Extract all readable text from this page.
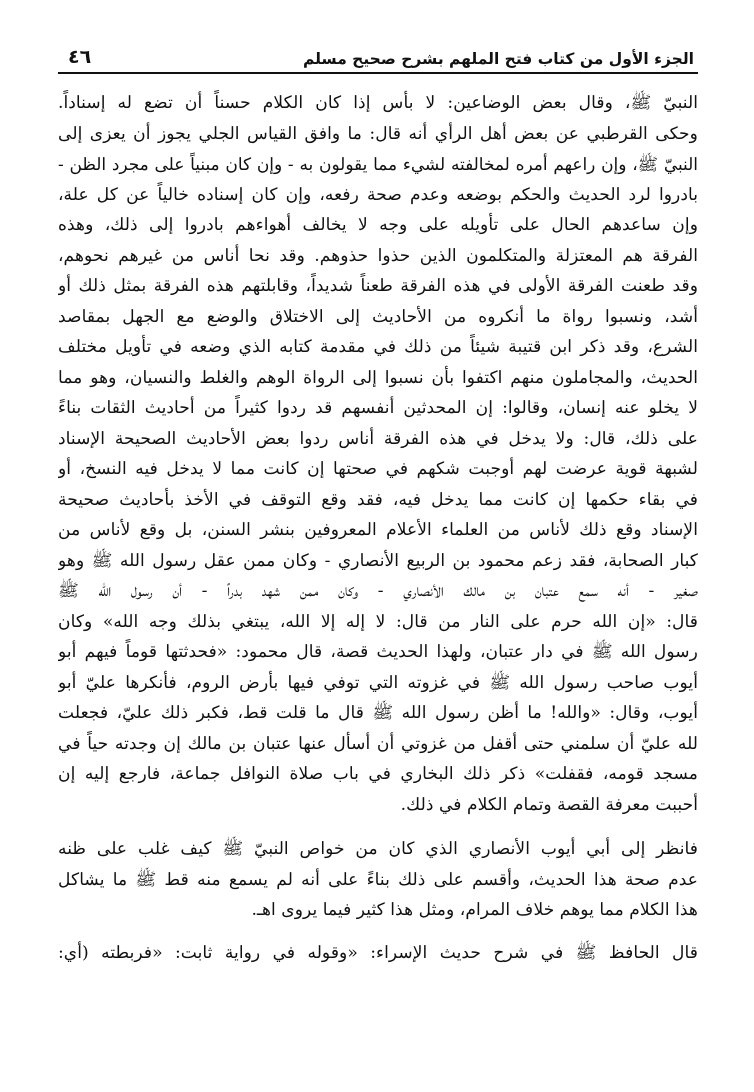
الجزء الأول من كتاب فتح الملهم بشرح صحيح مسلم
٤٦
النبيّ ﷺ، وقال بعض الوضاعين: لا بأس إذا كان الكلام حسناً أن تضع له إسناداً.
وحكى القرطبي عن بعض أهل الرأي أنه قال: ما وافق القياس الجلي يجوز أن يعزى إلى
النبيّ ﷺ، وإن راعهم أمره لمخالفته لشيء مما يقولون به - وإن كان مبنياً على مجرد الظن -
بادروا لرد الحديث والحكم بوضعه وعدم صحة رفعه، وإن كان إسناده خالياً عن كل علة،
وإن ساعدهم الحال على تأويله على وجه لا يخالف أهواءهم بادروا إلى ذلك، وهذه
الفرقة هم المعتزلة والمتكلمون الذين حذوا حذوهم. وقد نحا أناس من غيرهم نحوهم،
وقد طعنت الفرقة الأولى في هذه الفرقة طعناً شديداً، وقابلتهم هذه الفرقة بمثل ذلك أو
أشد، ونسبوا رواة ما أنكروه من الأحاديث إلى الاختلاق والوضع مع الجهل بمقاصد
الشرع، وقد ذكر ابن قتيبة شيئاً من ذلك في مقدمة كتابه الذي وضعه في تأويل مختلف
الحديث، والمجاملون منهم اكتفوا بأن نسبوا إلى الرواة الوهم والغلط والنسيان، وهو مما
لا يخلو عنه إنسان، وقالوا: إن المحدثين أنفسهم قد ردوا كثيراً من أحاديث الثقات بناءً
على ذلك، قال: ولا يدخل في هذه الفرقة أناس ردوا بعض الأحاديث الصحيحة الإسناد
لشبهة قوية عرضت لهم أوجبت شكهم في صحتها إن كانت مما لا يدخل فيه النسخ، أو
في بقاء حكمها إن كانت مما يدخل فيه، فقد وقع التوقف في الأخذ بأحاديث صحيحة
الإسناد وقع ذلك لأناس من العلماء الأعلام المعروفين بنشر السنن، بل وقع لأناس من
كبار الصحابة، فقد زعم محمود بن الربيع الأنصاري - وكان ممن عقل رسول الله ﷺ وهو
صغير - أنه سمع عتبان بن مالك الأنصاري - وكان ممن شهد بدراً - أن رسول الله ﷺ
قال: «إن الله حرم على النار من قال: لا إله إلا الله، يبتغي بذلك وجه الله» وكان
رسول الله ﷺ في دار عتبان، ولهذا الحديث قصة، قال محمود: «فحدثتها قوماً فيهم أبو
أيوب صاحب رسول الله ﷺ في غزوته التي توفي فيها بأرض الروم، فأنكرها عليّ أبو
أيوب، وقال: «والله! ما أظن رسول الله ﷺ قال ما قلت قط، فكبر ذلك عليّ، فجعلت
لله عليّ أن سلمني حتى أقفل من غزوتي أن أسأل عنها عتبان بن مالك إن وجدته حياً في
مسجد قومه، فقفلت» ذكر ذلك البخاري في باب صلاة النوافل جماعة، فارجع إليه إن
أحببت معرفة القصة وتمام الكلام في ذلك.
فانظر إلى أبي أيوب الأنصاري الذي كان من خواص النبيّ ﷺ كيف غلب على ظنه
عدم صحة هذا الحديث، وأقسم على ذلك بناءً على أنه لم يسمع منه قط ﷺ ما يشاكل
هذا الكلام مما يوهم خلاف المرام، ومثل هذا كثير فيما يروى اهـ.
قال الحافظ ﷺ في شرح حديث الإسراء: «وقوله في رواية ثابت: «فربطته (أي:
